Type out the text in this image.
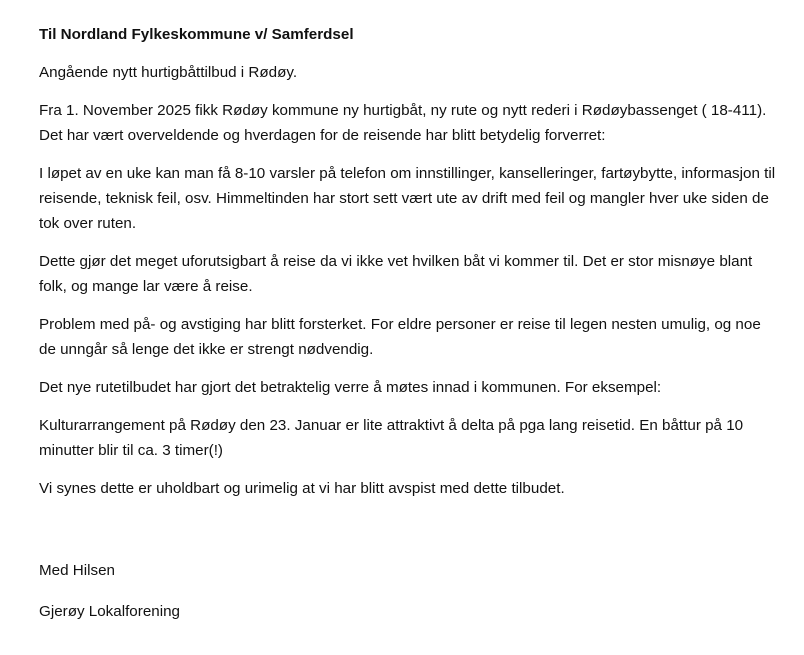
Til Nordland Fylkeskommune v/ Samferdsel

Angående nytt hurtigbåttilbud i Rødøy.

Fra 1. November 2025 fikk Rødøy kommune ny hurtigbåt, ny rute og nytt rederi i Rødøybassenget ( 18-411). Det har vært overveldende og hverdagen for de reisende har blitt betydelig forverret:

I løpet av en uke kan man få 8-10 varsler på telefon om innstillinger, kanselleringer, fartøybytte, informasjon til reisende, teknisk feil, osv. Himmeltinden har stort sett vært ute av drift med feil og mangler hver uke siden de tok over ruten.

Dette gjør det meget uforutsigbart å reise da vi ikke vet hvilken båt vi kommer til. Det er stor misnøye blant folk, og mange lar være å reise.

Problem med på- og avstiging har blitt forsterket. For eldre personer er reise til legen nesten umulig, og noe de unngår så lenge det ikke er strengt nødvendig.

Det nye rutetilbudet har gjort det betraktelig verre å møtes innad i kommunen. For eksempel:

Kulturarrangement på Rødøy den 23. Januar er lite attraktivt å delta på pga lang reisetid. En båttur på 10 minutter blir til ca. 3 timer(!)

Vi synes dette er uholdbart og urimelig at vi har blitt avspist med dette tilbudet.

Med Hilsen

Gjerøy Lokalforening
